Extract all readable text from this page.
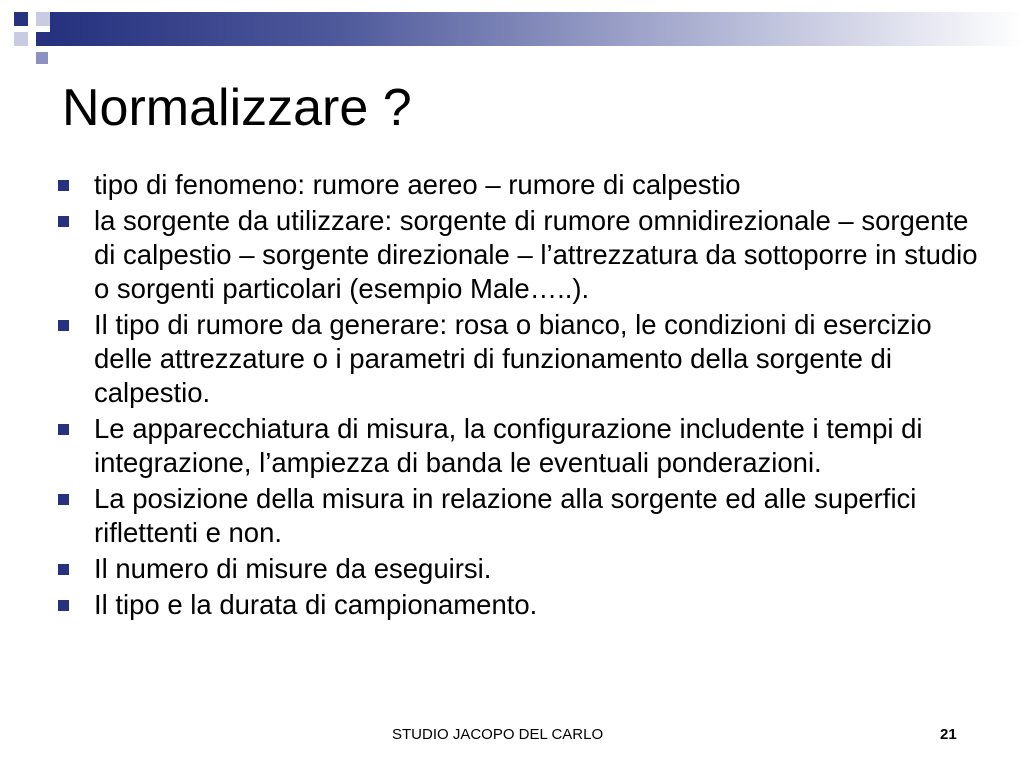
Normalizzare ?
tipo di fenomeno: rumore aereo – rumore di calpestio
la sorgente da utilizzare: sorgente di rumore omnidirezionale – sorgente di calpestio – sorgente direzionale – l’attrezzatura da sottoporre in studio o sorgenti particolari (esempio Male…..).
Il tipo di rumore da generare: rosa o bianco, le condizioni di esercizio delle attrezzature o i parametri di funzionamento della sorgente di calpestio.
Le apparecchiatura di misura, la configurazione includente i tempi di integrazione, l’ampiezza di banda le eventuali ponderazioni.
La posizione della misura in relazione alla sorgente ed alle superfici riflettenti e non.
Il numero di misure da eseguirsi.
Il tipo e la durata di campionamento.
STUDIO JACOPO DEL CARLO	21
